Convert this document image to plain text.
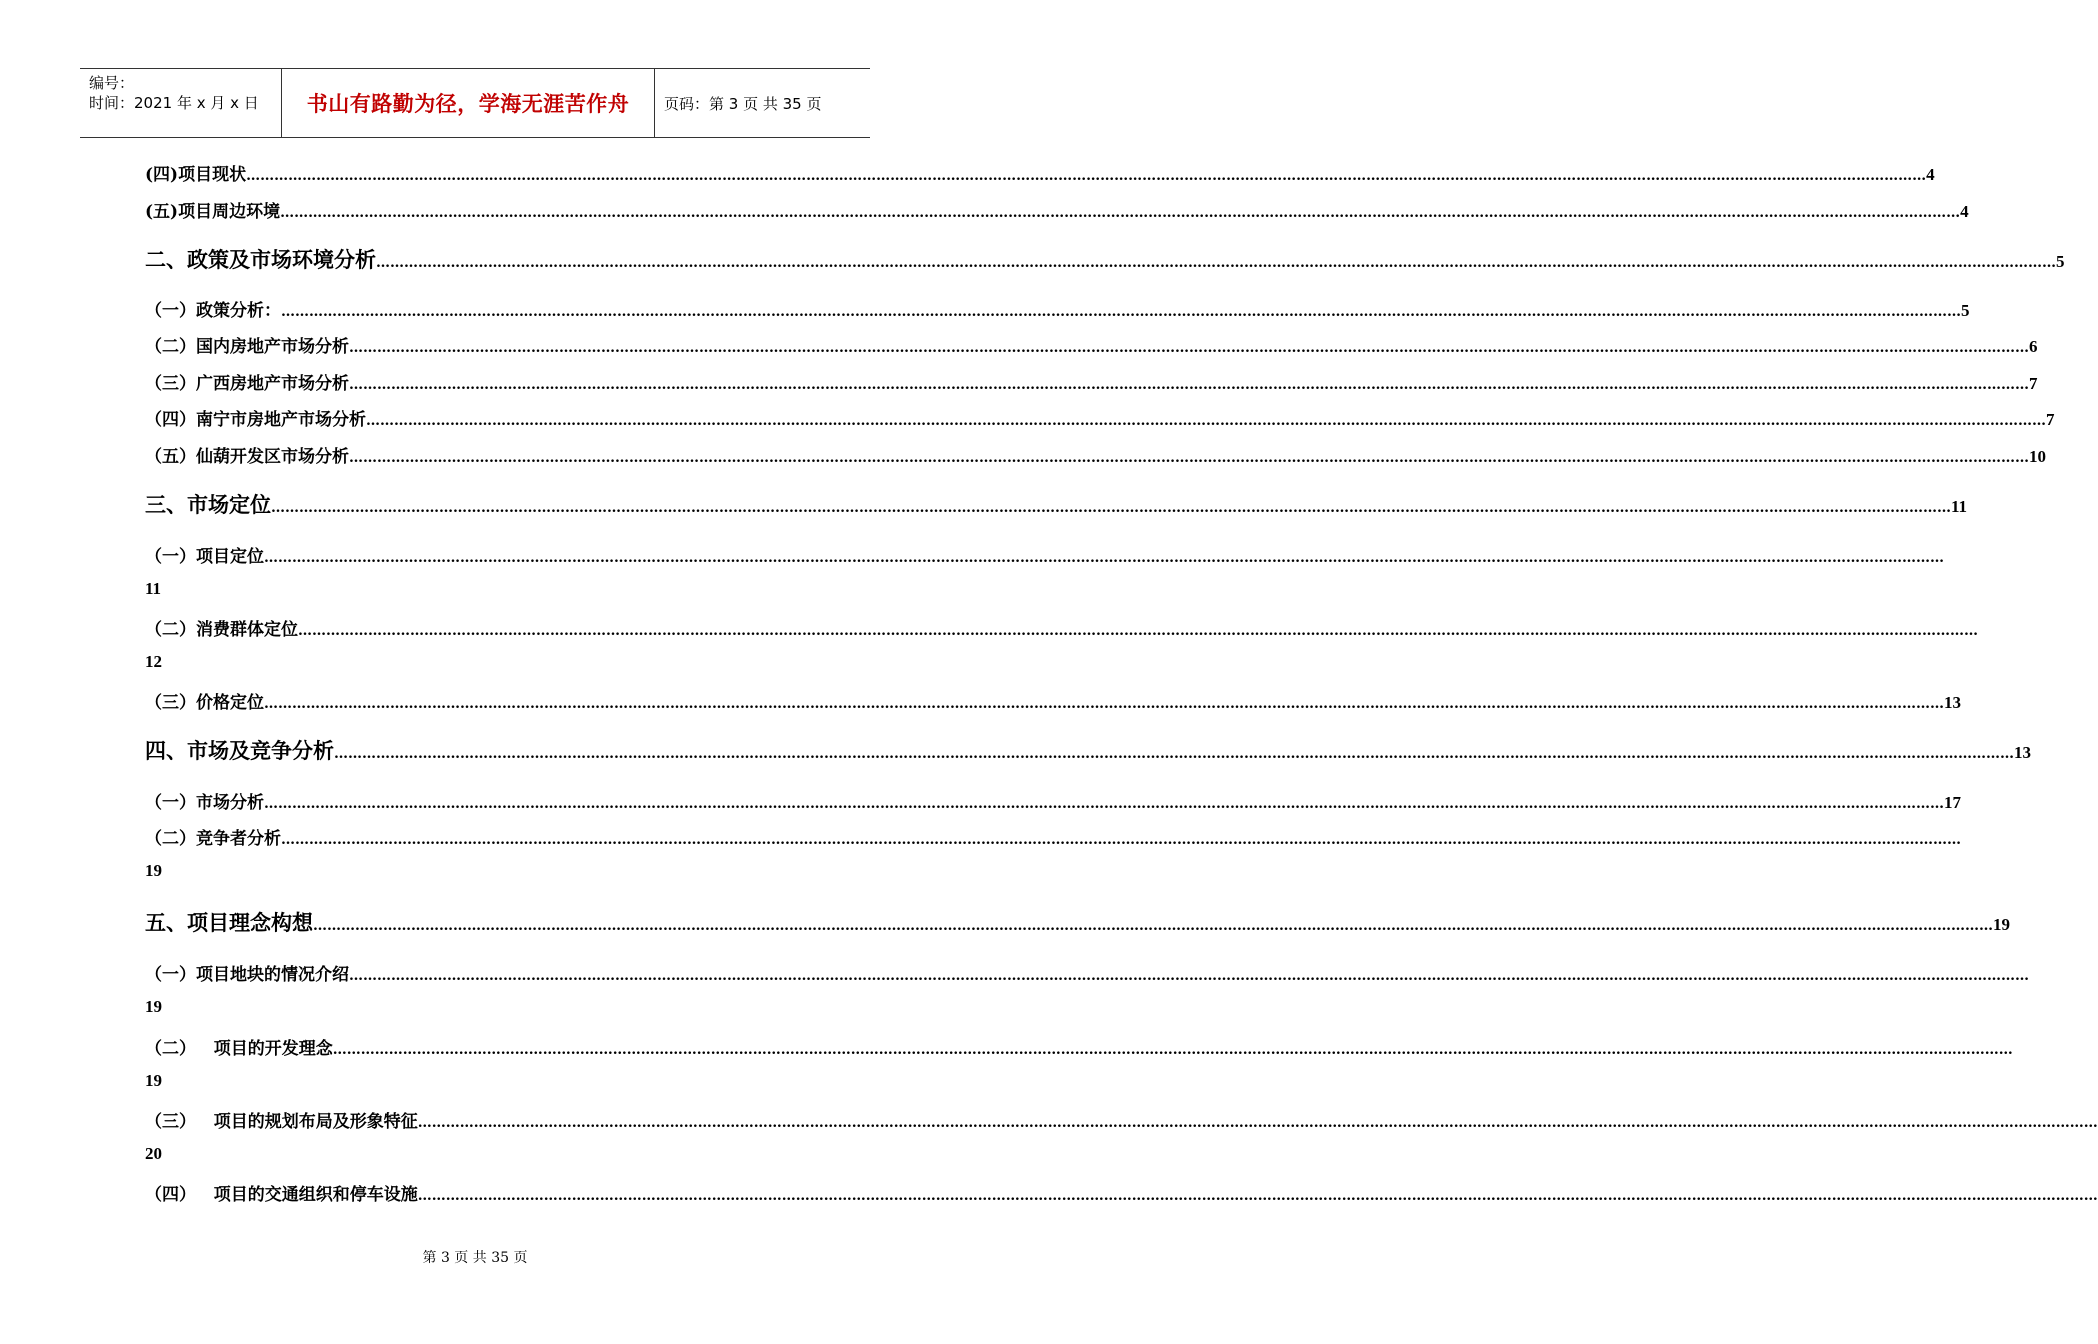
编号：
时间：2021 年 x 月 x 日 书山有路勤为径，学海无涯苦作舟 页码：第 3 页 共 35 页
(四)项目现状 ……………………………………………………………………………………………………………………………………………………………………………………………………………………………………………………………………………………………………………………………… 4
(五)项目周边环境 ……………………………………………………………………………………………………………………………………………………………………………………………………………………………………………………………………………………………………………………………… 4
二、政策及市场环境分析 ……………………………………………………………………………………………………………………………………………………………………………………………………………………………………………………………………………………………………………………………… 5
（一）政策分析： ……………………………………………………………………………………………………………………………………………………………………………………………………………………………………………………………………………………………………………………………… 5
（二）国内房地产市场分析 ……………………………………………………………………………………………………………………………………………………………………………………………………………………………………………………………………………………………………………………………… 6
（三）广西房地产市场分析 ……………………………………………………………………………………………………………………………………………………………………………………………………………………………………………………………………………………………………………………………… 7
（四）南宁市房地产市场分析 ……………………………………………………………………………………………………………………………………………………………………………………………………………………………………………………………………………………………………………………………… 7
（五）仙葫开发区市场分析 ……………………………………………………………………………………………………………………………………………………………………………………………………………………………………………………………………………………………………………………………… 10
三、市场定位 ……………………………………………………………………………………………………………………………………………………………………………………………………………………………………………………………………………………………………………………………… 11
（一）项目定位 ………………………………………………………………………………………………………………………………………………………………………………………………………………………………………………………………………………………………………………………………
11
（二）消费群体定位 ………………………………………………………………………………………………………………………………………………………………………………………………………………………………………………………………………………………………………………………………
12
（三）价格定位 ……………………………………………………………………………………………………………………………………………………………………………………………………………………………………………………………………………………………………………………………… 13
四、市场及竞争分析 ……………………………………………………………………………………………………………………………………………………………………………………………………………………………………………………………………………………………………………………………… 13
（一）市场分析 ……………………………………………………………………………………………………………………………………………………………………………………………………………………………………………………………………………………………………………………………… 17
（二）竞争者分析 ………………………………………………………………………………………………………………………………………………………………………………………………………………………………………………………………………………………………………………………………
19
五、项目理念构想 ……………………………………………………………………………………………………………………………………………………………………………………………………………………………………………………………………………………………………………………………… 19
（一）项目地块的情况介绍 ………………………………………………………………………………………………………………………………………………………………………………………………………………………………………………………………………………………………………………………………
19
（二）   项目的开发理念 ………………………………………………………………………………………………………………………………………………………………………………………………………………………………………………………………………………………………………………………………
19
（三）   项目的规划布局及形象特征 ………………………………………………………………………………………………………………………………………………………………………………………………………………………………………………………………………………………………………………………………
20
（四）   项目的交通组织和停车设施 ………………………………………………………………………………………………………………………………………………………………………………………………………………………………………………………………………………………………………………………………
第 3 页 共 35 页
